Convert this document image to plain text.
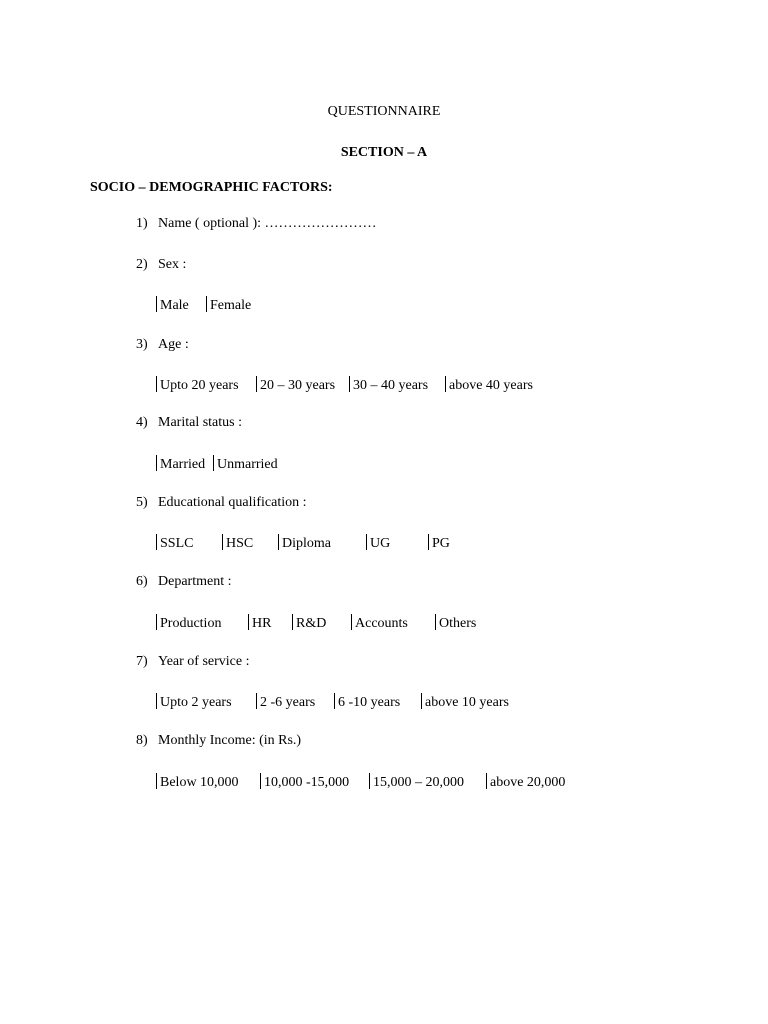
QUESTIONNAIRE
SECTION – A
SOCIO – DEMOGRAPHIC FACTORS:
1) Name ( optional ): ……………………
2) Sex :
Male Female
3) Age :
Upto 20 years 20 – 30 years 30 – 40 years above 40 years
4) Marital status :
Married Unmarried
5) Educational qualification :
SSLC HSC Diploma	UG	PG
6) Department :
Production HR R&D Accounts Others
7) Year of service :
Upto 2 years 2 -6 years 6 -10 years above 10 years
8) Monthly Income: (in Rs.)
Below 10,000 10,000 -15,000 15,000 – 20,000 above 20,000
